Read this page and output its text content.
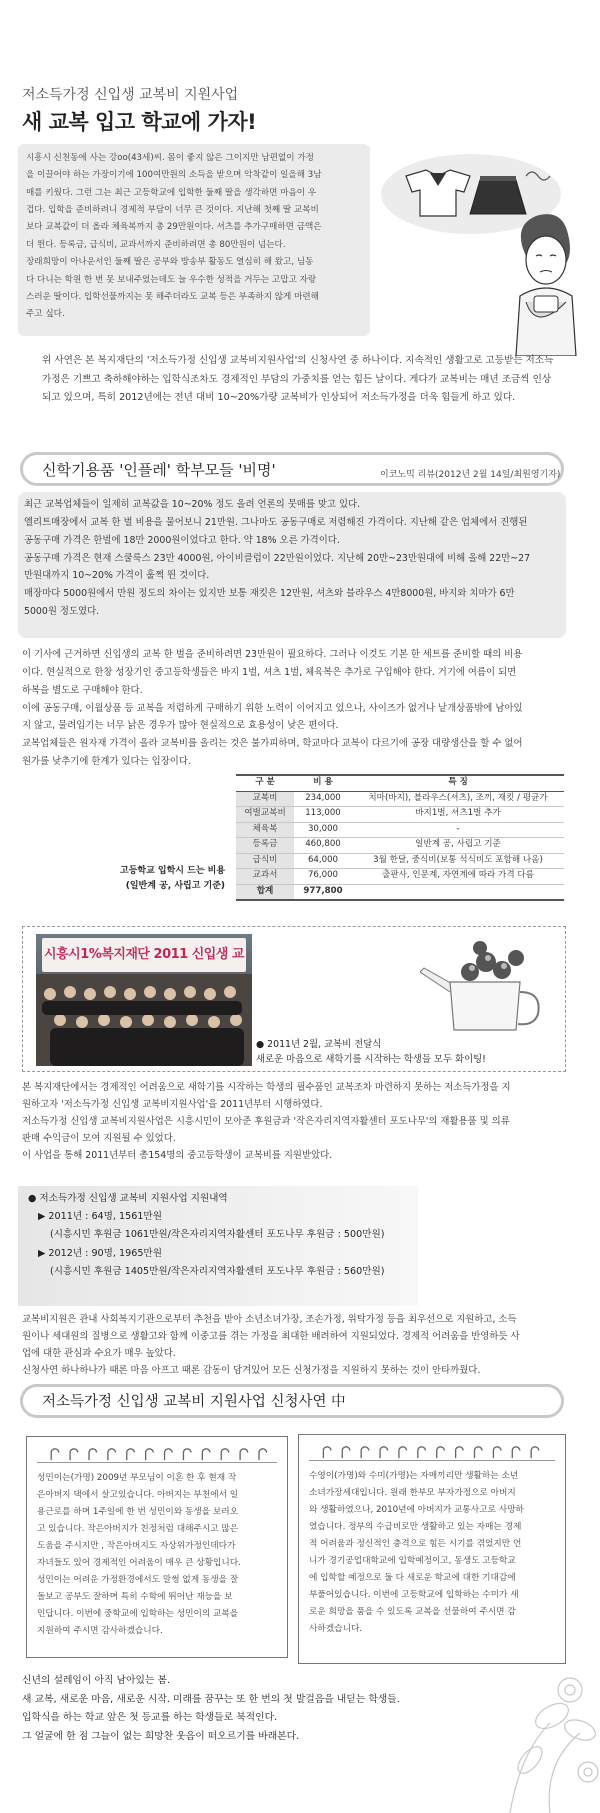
저소득가정 신입생 교복비 지원사업
새 교복 입고 학교에 가자!
시흥시 신천동에 사는 강oo(43세)씨. 몸이 좋지 않은 그이지만 남편없이 가정
을 이끌어야 하는 가장이기에 100여만원의 소득을 받으며 악착같이 일을해 3남
매를 키웠다. 그런 그는 최근 고등학교에 입학한 둘째 딸을 생각하면 마음이 우
겁다. 입학을 준비하려니 경제적 부담이 너무 큰 것이다. 지난해 첫째 딸 교복비
보다 교복값이 더 올라 체육복까지 총 29만원이다. 셔츠를 추가구매하면 금액은
더 뛴다. 등록금, 급식비, 교과서까지 준비하려면 총 80만원이 넘는다.
장래희망이 아나운서인 둘째 딸은 공부와 방송부 활동도 열심히 해 왔고, 님동
다 다니는 학원 한 번 못 보내주었는데도 늘 우수한 성적을 거두는 고맙고 자랑
스러운 딸이다. 입학선물까지는 못 해주더라도 교복 등은 부족하지 않게 마련해
주고 싶다.
위 사연은 본 복지재단의 '저소득가정 신입생 교복비지원사업'의 신청사연 중 하나이다. 지속적인 생활고로 고등받는 저소득가정은 기쁘고 축하해야하는 입학식조차도 경제적인 부담의 가중치를 얻는 힘든 날이다. 게다가 교복비는 매년 조금씩 인상되고 있으며, 특히 2012년에는 전년 대비 10~20%가량 교복비가 인상되어 저소득가정을 더욱 힘들게 하고 있다.
신학기용품 '인플레' 학부모들 '비명'	이코노믹 리뷰(2012년 2월 14일/최원영기자)
최근 교복업체들이 일제히 교복값을 10~20% 정도 올려 언론의 뭇매를 맞고 있다.
엘리트매장에서 교복 한 벌 비용을 물어보니 21만원. 그나마도 공동구매로 저렴해진 가격이다. 지난해 같은 업체에서 진행된
공동구매 가격은 한벌에 18만 2000원이었다고 한다. 약 18% 오른 가격이다.
공동구매 가격은 현재 스쿨룩스 23만 4000원, 아이비클럽이 22만원이었다. 지난해 20만~23만원대에 비해 올해 22만~27
만원대까지 10~20% 가격이 훌쩍 뛴 것이다.
매장마다 5000원에서 만원 정도의 차이는 있지만 보통 재킷은 12만원, 셔츠와 블라우스 4만8000원, 바지와 치마가 6만
5000원 정도였다.
이 기사에 근거하면 신입생의 교복 한 벌을 준비하려면 23만원이 필요하다. 그러나 이것도 기본 한 세트를 준비할 때의 비용
이다. 현실적으로 한창 성장기인 중고등학생들은 바지 1벌, 셔츠 1벌, 체육복은 추가로 구입해야 한다. 거기에 여름이 되면
하복을 별도로 구매해야 한다.
이에 공동구매, 이월상품 등 교복을 저렴하게 구매하기 위한 노력이 이어지고 있으나, 사이즈가 없거나 낱개상품밖에 남아있
지 않고, 물려입기는 너무 낡은 경우가 많아 현실적으로 효용성이 낮은 편이다.
교복업체들은 원자재 가격이 올라 교복비를 올리는 것은 불가피하며, 학교마다 교복이 다르기에 공장 대량생산을 할 수 없어
원가를 낮추기에 한계가 있다는 입장이다.
구 분	비 용	특 징
교복비	234,000	치마(바지), 블라우스(셔츠), 조끼, 재킷 / 평균가
여벌교복비	113,000	바지1벌, 셔츠1벌 추가
체육복	30,000	-
등록금	460,800	일반계 공, 사립고 기준
급식비	64,000	3월 한달, 중식비(보통 석식비도 포함해 나옴)
교과서	76,000	출판사, 인문계, 자연계에 따라 가격 다름
합계	977,800	
고등학교 입학시 드는 비용
(일반계 공, 사립고 기준)
시흥시1%복지재단 2011 신입생 교
● 2011년 2월, 교복비 전달식
새로운 마음으로 새학기를 시작하는 학생들 모두 화이팅!
본 복지재단에서는 경제적인 어려움으로 새학기를 시작하는 학생의 필수품인 교복조차 마련하지 못하는 저소득가정을 지
원하고자 '저소득가정 신입생 교복비지원사업'을 2011년부터 시행하였다.
저소득가정 신입생 교복비지원사업은 시흥시민이 모아준 후원금과 '작은자리지역자활센터 포도나무'의 재활용품 및 의류
판매 수익금이 모여 지원될 수 있었다.
이 사업을 통해 2011년부터 총154명의 중고등학생이 교복비를 지원받았다.
● 저소득가정 신입생 교복비 지원사업 지원내역
▶ 2011년 : 64명, 1561만원
(시흥시민 후원금 1061만원/작은자리지역자활센터 포도나무 후원금 : 500만원)
▶ 2012년 : 90명, 1965만원
(시흥시민 후원금 1405만원/작은자리지역자활센터 포도나무 후원금 : 560만원)
교복비지원은 관내 사회복지기관으로부터 추천을 받아 소년소녀가장, 조손가정, 위탁가정 등을 최우선으로 지원하고, 소득
원이나 세대원의 질병으로 생활고와 함께 이중고를 겪는 가정을 최대한 배려하여 지원되었다. 경제적 어려움을 반영하듯 사
업에 대한 관심과 수요가 매우 높았다.
신청사연 하나하나가 때론 마음 아프고 때론 감동이 담겨있어 모든 신청가정을 지원하지 못하는 것이 안타까웠다.
저소득가정 신입생 교복비 지원사업 신청사연 中
성민이는(가명) 2009년 부모님이 이혼 한 후 현재 작
은아버지 댁에서 살고있습니다. 아버지는 부천에서 일
용근로를 하며 1주일에 한 번 성민이와 동생을 보러오
고 있습니다. 작은아버지가 친정처럼 대해주시고 많은
도움을 주시지만 , 작은아버지도 자상위가정인데다가
자녀들도 있어 경제적인 어려움이 매우 큰 상황입니다.
성민이는 어려운 가정환경에서도 말썽 없게 동생을 잘
돌보고 공부도 잘하며 특히 수학에 뛰어난 재능을 보
인답니다. 이번에 중학교에 입학하는 성민이의 교복을
지원하여 주시면 감사하겠습니다.
수영이(가명)와 수미(가명)는 자매끼리만 생활하는 소년
소녀가장세대입니다. 원래 한부모 부자가정으로 아버지
와 생활하였으나, 2010년에 아버지가 교통사고로 사망하
였습니다. 정부의 수급비로만 생활하고 있는 자매는 경제
적 어려움과 정신적인 충격으로 힘든 시기를 겪었지만 언
니가 경기공업대학교에 입학예정이고, 동생도 고등학교
에 입학할 예정으로 둘 다 새로운 학교에 대한 기대감에
부풀어있습니다. 이번에 고등학교에 입학하는 수미가 새
로운 희망을 품을 수 있도록 교복을 선물하여 주시면 감
사하겠습니다.
신년의 설레임이 아직 남아있는 봄.
새 교복, 새로운 마음, 새로운 시작. 미래를 꿈꾸는 또 한 번의 첫 발걸음을 내딛는 학생들.
입학식을 하는 학교 앞은 첫 등교를 하는 학생들로 북적인다.
그 얼굴에 한 점 그늘이 없는 희망찬 웃음이 떠오르기를 바래본다.
